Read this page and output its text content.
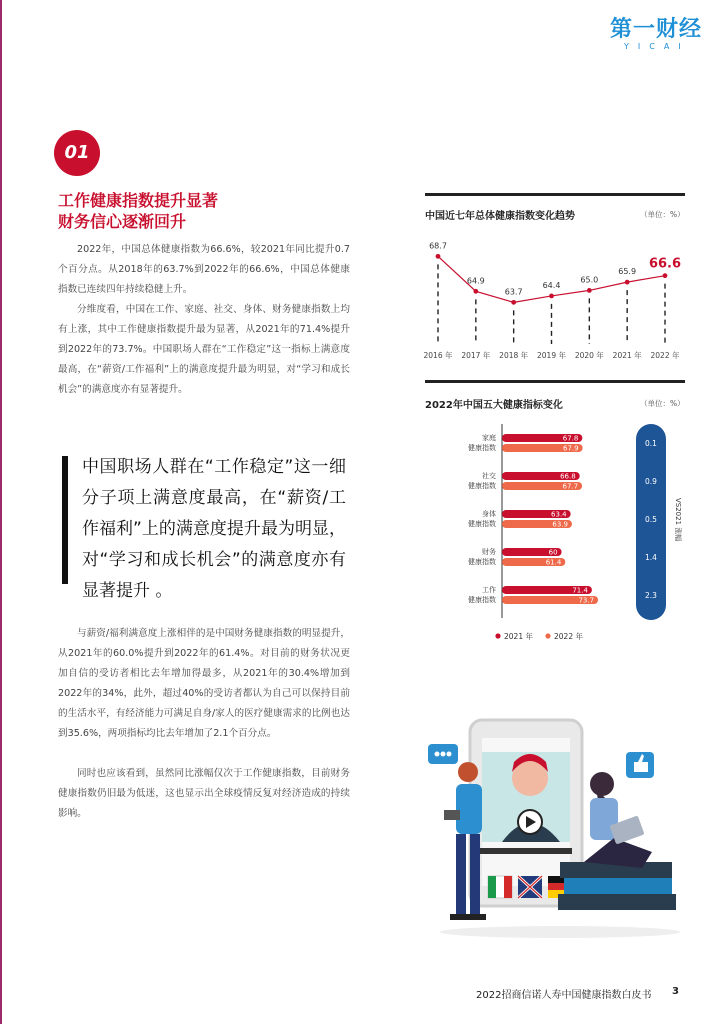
第一财经
YICAI
01
工作健康指数提升显著
财务信心逐渐回升
2022年，中国总体健康指数为66.6%，较2021年同比提升0.7个百分点。从2018年的63.7%到2022年的66.6%，中国总体健康指数已连续四年持续稳健上升。
分维度看，中国在工作、家庭、社交、身体、财务健康指数上均有上涨，其中工作健康指数提升最为显著，从2021年的71.4%提升到2022年的73.7%。中国职场人群在“工作稳定”这一指标上满意度最高，在“薪资/工作福利”上的满意度提升最为明显，对“学习和成长机会”的满意度亦有显著提升。
中国职场人群在“工作稳定”这一细分子项上满意度最高，在“薪资/工作福利”上的满意度提升最为明显，对“学习和成长机会”的满意度亦有显著提升 。
与薪资/福利满意度上涨相伴的是中国财务健康指数的明显提升，从2021年的60.0%提升到2022年的61.4%。对目前的财务状况更加自信的受访者相比去年增加得最多，从2021年的30.4%增加到2022年的34%，此外，超过40%的受访者都认为自己可以保持目前的生活水平，有经济能力可满足自身/家人的医疗健康需求的比例也达到35.6%，两项指标均比去年增加了2.1个百分点。
同时也应该看到，虽然同比涨幅仅次于工作健康指数，目前财务健康指数仍旧最为低迷，这也显示出全球疫情反复对经济造成的持续影响。
中国近七年总体健康指数变化趋势	（单位：%）
68.7
2016 年
64.9
2017 年
63.7
2018 年
64.4
2019 年
65.0
2020 年
65.9
2021 年
66.6
2022 年
2022年中国五大健康指标变化	（单位：%）
VS2021 涨幅
家庭
健康指数
67.8
67.9
0.1
社交
健康指数
66.8
67.7
0.9
身体
健康指数
63.4
63.9
0.5
财务
健康指数
60
61.4
1.4
工作
健康指数
71.4
73.7
2.3
2021 年	2022 年
2022招商信诺人寿中国健康指数白皮书 3
